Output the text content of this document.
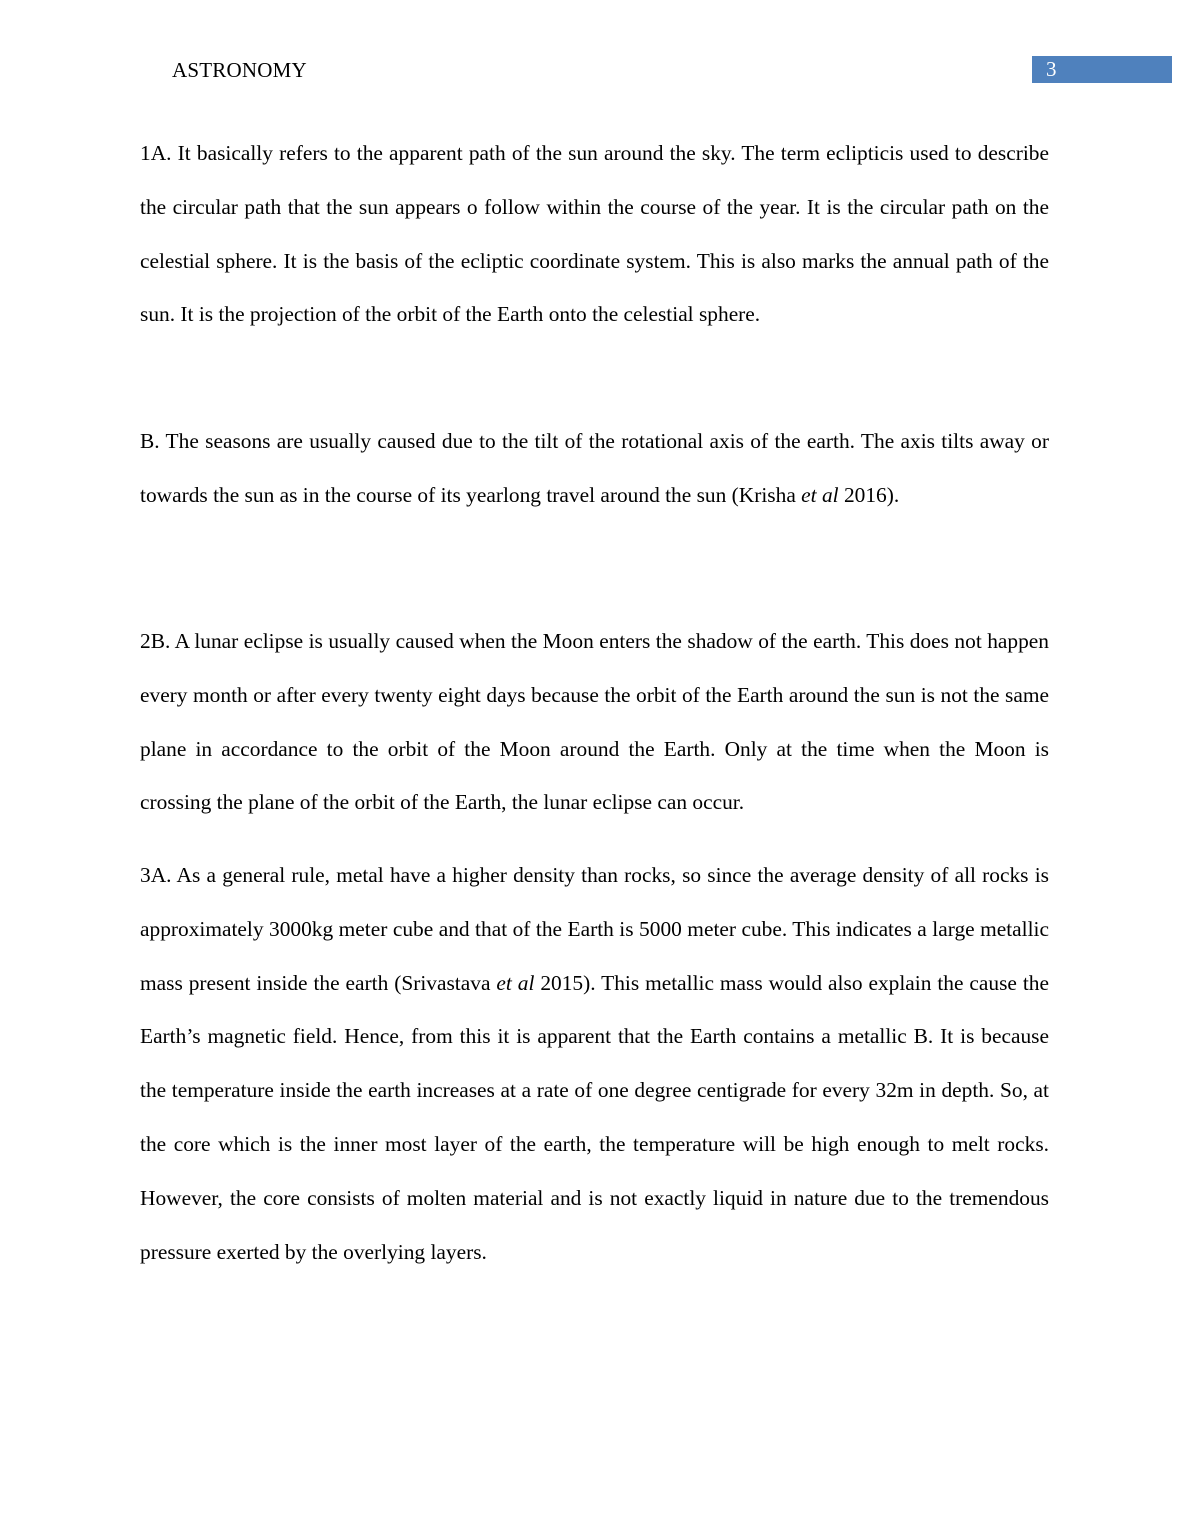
ASTRONOMY	3

1A. It basically refers to the apparent path of the sun around the sky. The term eclipticis used to describe the circular path that the sun appears o follow within the course of the year. It is the circular path on the celestial sphere. It is the basis of the ecliptic coordinate system. This is also marks the annual path of the sun. It is the projection of the orbit of the Earth onto the celestial sphere.

B. The seasons are usually caused due to the tilt of the rotational axis of the earth. The axis tilts away or towards the sun as in the course of its yearlong travel around the sun (Krisha et al 2016).

2B. A lunar eclipse is usually caused when the Moon enters the shadow of the earth. This does not happen every month or after every twenty eight days because the orbit of the Earth around the sun is not the same plane in accordance to the orbit of the Moon around the Earth. Only at the time when the Moon is crossing the plane of the orbit of the Earth, the lunar eclipse can occur.

3A. As a general rule, metal have a higher density than rocks, so since the average density of all rocks is approximately 3000kg meter cube and that of the Earth is 5000 meter cube. This indicates a large metallic mass present inside the earth (Srivastava et al 2015). This metallic mass would also explain the cause the Earth’s magnetic field. Hence, from this it is apparent that the Earth contains a metallic B. It is because the temperature inside the earth increases at a rate of one degree centigrade for every 32m in depth. So, at the core which is the inner most layer of the earth, the temperature will be high enough to melt rocks. However, the core consists of molten material and is not exactly liquid in nature due to the tremendous pressure exerted by the overlying layers.
